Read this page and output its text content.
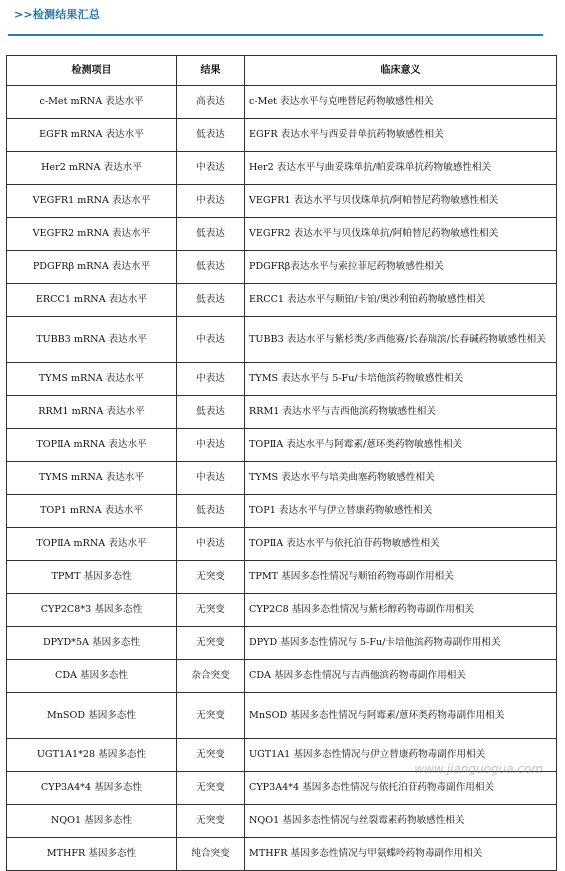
>>检测结果汇总
检测项目	结果	临床意义
c-Met mRNA 表达水平	高表达	c-Met 表达水平与克唑替尼药物敏感性相关
EGFR mRNA 表达水平	低表达	EGFR 表达水平与西妥昔单抗药物敏感性相关
Her2 mRNA 表达水平	中表达	Her2 表达水平与曲妥珠单抗/帕妥珠单抗药物敏感性相关
VEGFR1 mRNA 表达水平	中表达	VEGFR1 表达水平与贝伐珠单抗/阿帕替尼药物敏感性相关
VEGFR2 mRNA 表达水平	低表达	VEGFR2 表达水平与贝伐珠单抗/阿帕替尼药物敏感性相关
PDGFRβ mRNA 表达水平	低表达	PDGFRβ表达水平与索拉菲尼药物敏感性相关
ERCC1 mRNA 表达水平	低表达	ERCC1 表达水平与顺铂/卡铂/奥沙利铂药物敏感性相关
TUBB3 mRNA 表达水平	中表达	TUBB3 表达水平与紫杉类/多西他赛/长春瑞滨/长春碱药物敏感性相关
TYMS mRNA 表达水平	中表达	TYMS 表达水平与 5-Fu/卡培他滨药物敏感性相关
RRM1 mRNA 表达水平	低表达	RRM1 表达水平与吉西他滨药物敏感性相关
TOPⅡA mRNA 表达水平	中表达	TOPⅡA 表达水平与阿霉素/蒽环类药物敏感性相关
TYMS mRNA 表达水平	中表达	TYMS 表达水平与培美曲塞药物敏感性相关
TOP1 mRNA 表达水平	低表达	TOP1 表达水平与伊立替康药物敏感性相关
TOPⅡA mRNA 表达水平	中表达	TOPⅡA 表达水平与依托泊苷药物敏感性相关
TPMT 基因多态性	无突变	TPMT 基因多态性情况与顺铂药物毒副作用相关
CYP2C8*3 基因多态性	无突变	CYP2C8 基因多态性情况与紫杉醇药物毒副作用相关
DPYD*5A 基因多态性	无突变	DPYD 基因多态性情况与 5-Fu/卡培他滨药物毒副作用相关
CDA 基因多态性	杂合突变	CDA 基因多态性情况与吉西他滨药物毒副作用相关
MnSOD 基因多态性	无突变	MnSOD 基因多态性情况与阿霉素/蒽环类药物毒副作用相关
UGT1A1*28 基因多态性	无突变	UGT1A1 基因多态性情况与伊立替康药物毒副作用相关
CYP3A4*4 基因多态性	无突变	CYP3A4*4 基因多态性情况与依托泊苷药物毒副作用相关
NQO1 基因多态性	无突变	NQO1 基因多态性情况与丝裂霉素药物敏感性相关
MTHFR 基因多态性	纯合突变	MTHFR 基因多态性情况与甲氨蝶呤药物毒副作用相关
www.jianguogua.com
